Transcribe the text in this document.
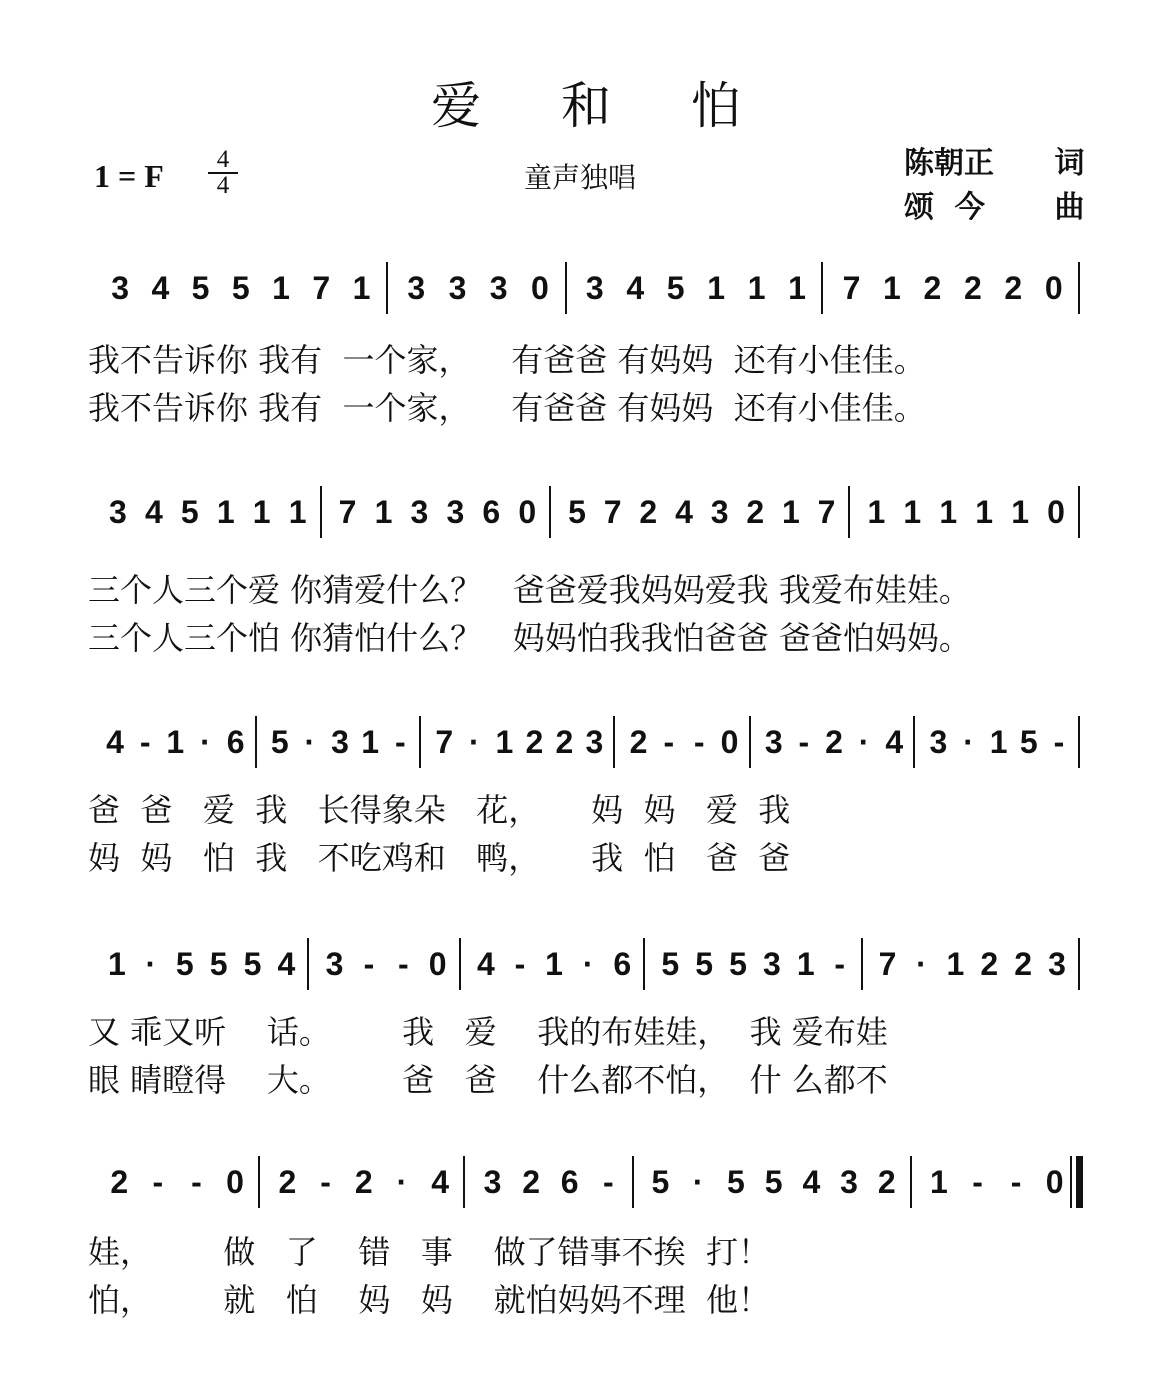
爱 和 怕
1 = F	4
4	童声独唱	陈朝正 词
颂  今 曲
3 4 5 5 1 7 1 3 3 3 0 3 4 5 1 1 1 7 1 2 2 2 0
3 4 5 1 1 1 7 1 3 3 6 0 5 7 2 4 3 2 1 7 1 1 1 1 1 0
4 - 1 · 6 5 · 3 1 - 7 · 1 2 2 3 2 - - 0 3 - 2 · 4 3 · 1 5 -
1 · 5 5 5 4 3 - - 0 4 - 1 · 6 5 5 5 3 1 - 7 · 1 2 2 3
2 - - 0 2 - 2 · 4 3 2 6 - 5 · 5 5 4 3 2 1 - - 0
我不告诉你 我有  一个家，    有爸爸 有妈妈  还有小佳佳。
我不告诉你 我有  一个家，    有爸爸 有妈妈  还有小佳佳。
三个人三个爱 你猜爱什么？   爸爸爱我妈妈爱我 我爱布娃娃。
三个人三个怕 你猜怕什么？   妈妈怕我我怕爸爸 爸爸怕妈妈。
爸  爸   爱  我   长得象朵   花，     妈  妈   爱  我
妈  妈   怕  我   不吃鸡和   鸭，     我  怕   爸  爸
又 乖又听    话。       我   爱    我的布娃娃，  我 爱布娃
眼 睛瞪得    大。       爸   爸    什么都不怕，  什 么都不
娃，       做   了    错   事    做了错事不挨  打！
怕，       就   怕    妈   妈    就怕妈妈不理  他！
